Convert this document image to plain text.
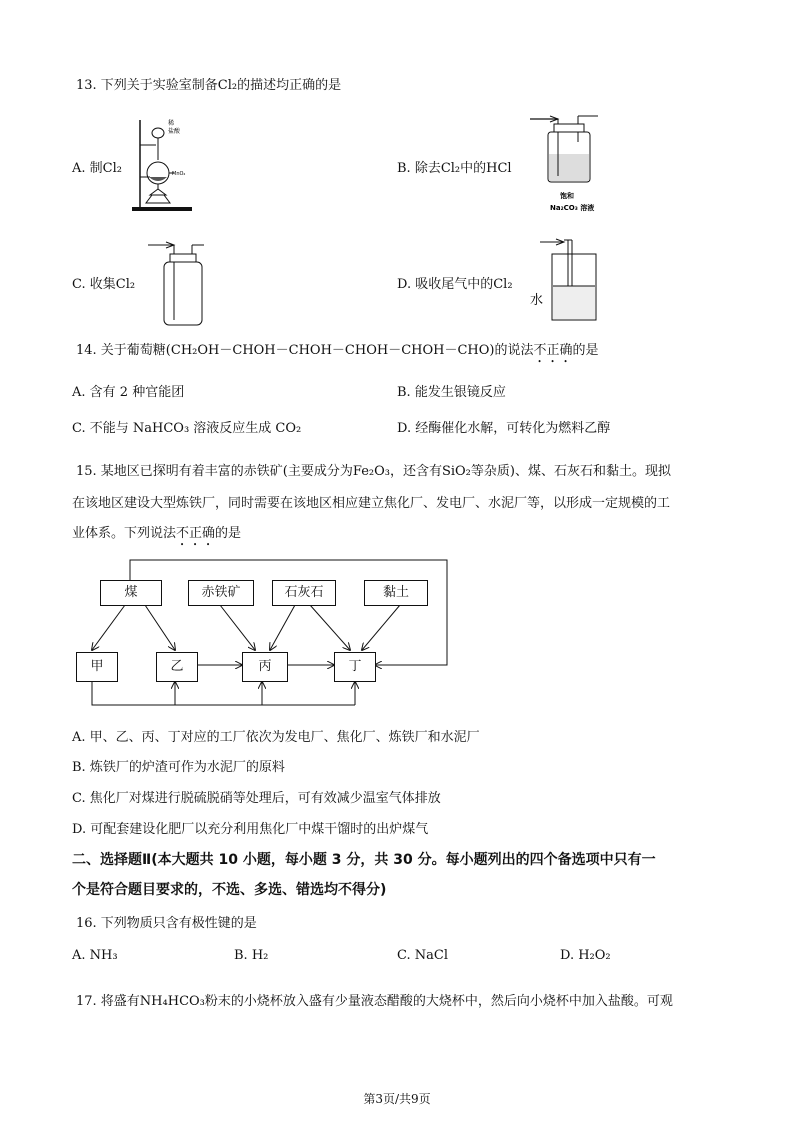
13. 下列关于实验室制备Cl₂的描述均正确的是
A. 制Cl₂
稀
盐酸
MnO₂	B. 除去Cl₂中的HCl
饱和
Na₂CO₃ 溶液
C. 收集Cl₂	D. 吸收尾气中的Cl₂
水
14. 关于葡萄糖(CH₂OH－CHOH－CHOH－CHOH－CHOH－CHO)的说法不正确的是
A. 含有 2 种官能团	B. 能发生银镜反应
C. 不能与 NaHCO₃ 溶液反应生成 CO₂	D. 经酶催化水解，可转化为燃料乙醇
15. 某地区已探明有着丰富的赤铁矿(主要成分为Fe₂O₃，还含有SiO₂等杂质)、煤、石灰石和黏土。现拟
在该地区建设大型炼铁厂，同时需要在该地区相应建立焦化厂、发电厂、水泥厂等，以形成一定规模的工
业体系。下列说法不正确的是
煤	赤铁矿	石灰石	黏土
甲	乙	丙	丁
A. 甲、乙、丙、丁对应的工厂依次为发电厂、焦化厂、炼铁厂和水泥厂
B. 炼铁厂的炉渣可作为水泥厂的原料
C. 焦化厂对煤进行脱硫脱硝等处理后，可有效减少温室气体排放
D. 可配套建设化肥厂以充分利用焦化厂中煤干馏时的出炉煤气
二、选择题Ⅱ(本大题共 10 小题，每小题 3 分，共 30 分。每小题列出的四个备选项中只有一
个是符合题目要求的，不选、多选、错选均不得分)
16. 下列物质只含有极性键的是
A. NH₃	B. H₂	C. NaCl	D. H₂O₂
17. 将盛有NH₄HCO₃粉末的小烧杯放入盛有少量液态醋酸的大烧杯中，然后向小烧杯中加入盐酸。可观
第3页/共9页
